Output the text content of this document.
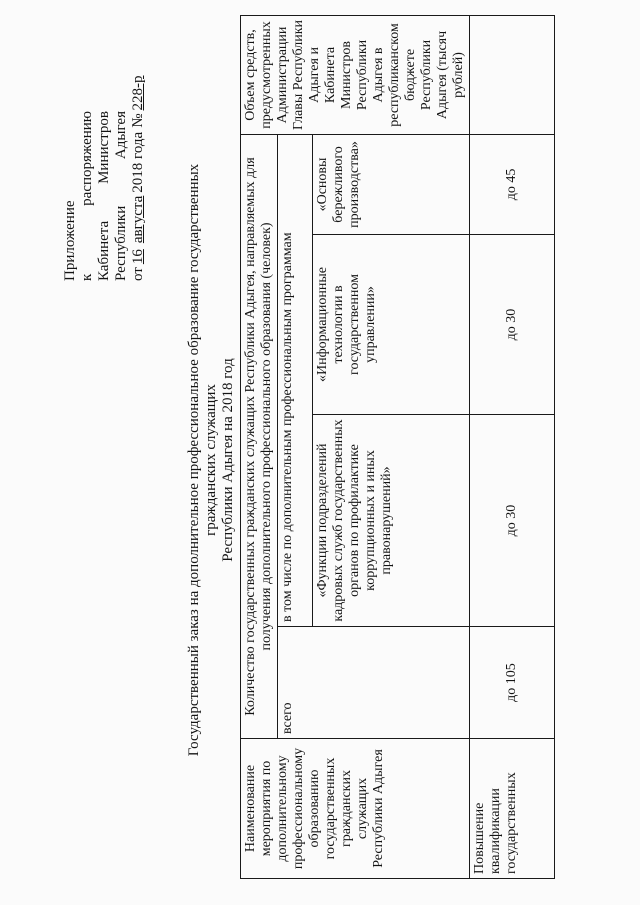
Приложение к
распоряжению
Кабинета
Министров
Республики
Адыгея
от
16
августа
2018 года
№
228-р
Государственный заказ на дополнительное профессиональное образование государственных гражданских служащих Республики Адыгея на 2018 год
Наименование мероприятия по дополнительному профессиональному образованию государственных гражданских служащих Республики Адыгея	Количество государственных гражданских служащих Республики Адыгея, направляемых для получения дополнительного профессионального образования (человек)				Объем средств, предусмотренных Администрации Главы Республики Адыгея и Кабинета Министров Республики Адыгея в республиканском бюджете Республики Адыгея (тысяч рублей)
	всего	в том числе по дополнительным профессиональным программам			
		«Функции подразделений кадровых служб государственных органов по профилактике коррупционных и иных правонарушений»	«Информационные технологии в государственном управлении»	«Основы бережливого производства»	
Повышение квалификации государственных	до 105	до 30	до 30	до 45	
